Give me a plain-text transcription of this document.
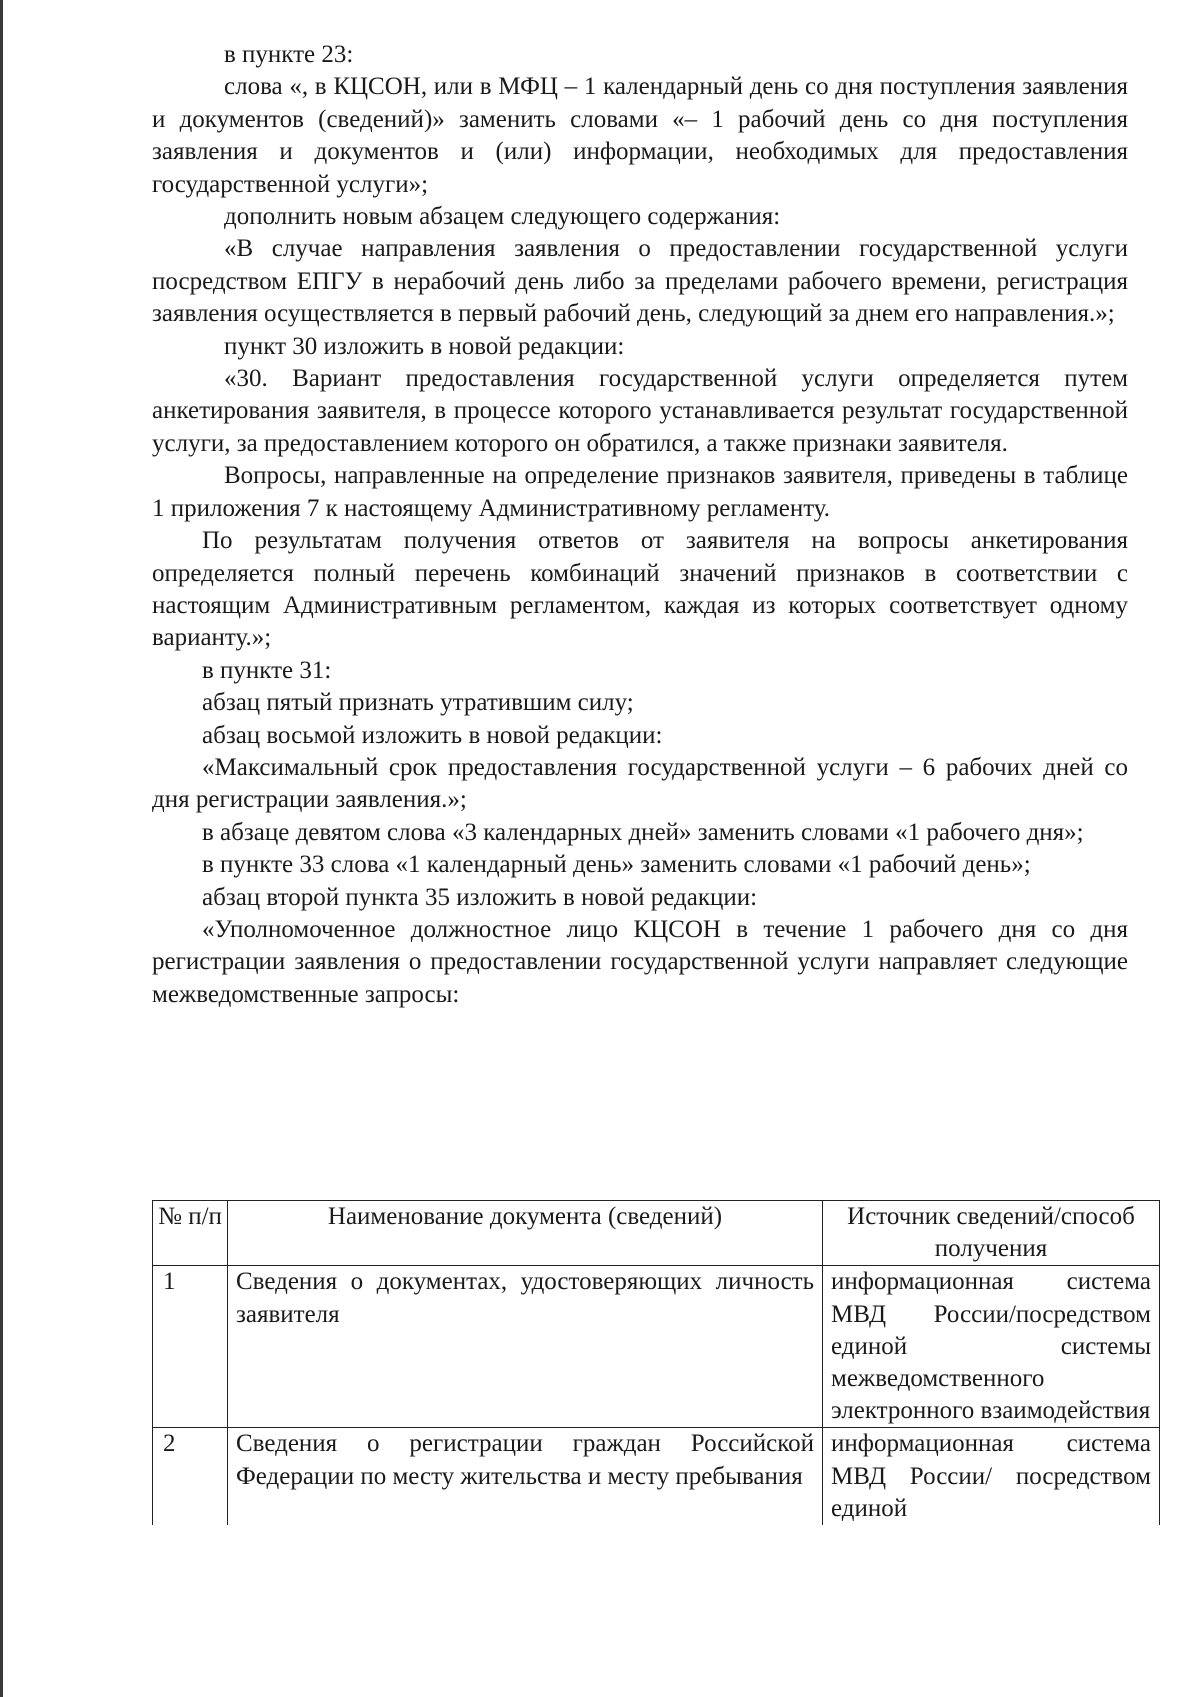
в пункте 23:

слова «, в КЦСОН, или в МФЦ – 1 календарный день со дня поступления заявления и документов (сведений)» заменить словами «– 1 рабочий день со дня поступления заявления и документов и (или) информации, необходимых для предоставления государственной услуги»;

дополнить новым абзацем следующего содержания:

«В случае направления заявления о предоставлении государственной услуги посредством ЕПГУ в нерабочий день либо за пределами рабочего времени, регистрация заявления осуществляется в первый рабочий день, следующий за днем его направления.»;

пункт 30 изложить в новой редакции:

«30. Вариант предоставления государственной услуги определяется путем анкетирования заявителя, в процессе которого устанавливается результат государственной услуги, за предоставлением которого он обратился, а также признаки заявителя.

Вопросы, направленные на определение признаков заявителя, приведены в таблице 1 приложения 7 к настоящему Административному регламенту.

По результатам получения ответов от заявителя на вопросы анкетирования определяется полный перечень комбинаций значений признаков в соответствии с настоящим Административным регламентом, каждая из которых соответствует одному варианту.»;

в пункте 31:

абзац пятый признать утратившим силу;

абзац восьмой изложить в новой редакции:

«Максимальный срок предоставления государственной услуги – 6 рабочих дней со дня регистрации заявления.»;

в абзаце девятом слова «3 календарных дней» заменить словами «1 рабочего дня»;

в пункте 33 слова «1 календарный день» заменить словами «1 рабочий день»;

абзац второй пункта 35 изложить в новой редакции:

«Уполномоченное должностное лицо КЦСОН в течение 1 рабочего дня со дня регистрации заявления о предоставлении государственной услуги направляет следующие межведомственные запросы:

№ п/п	Наименование документа (сведений)	Источник сведений/способ получения
1	Сведения о документах, удостоверяющих личность заявителя	информационная система МВД России/посредством единой системы межведомственного электронного взаимодействия
2	Сведения о регистрации граждан Российской Федерации по месту жительства и месту пребывания	информационная система МВД России/ посредством единой
